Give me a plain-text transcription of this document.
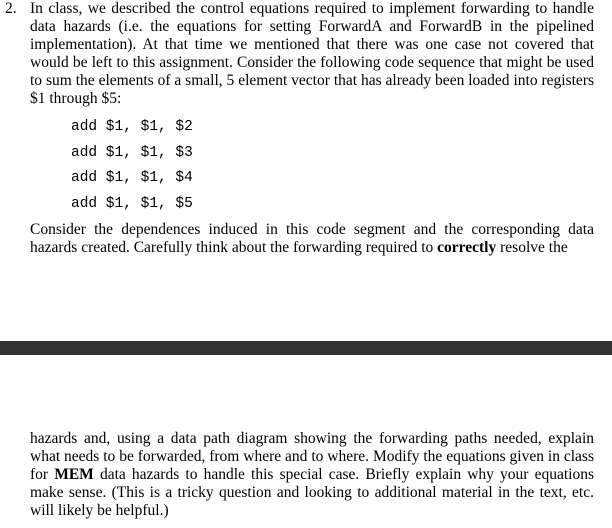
2. In class, we described the control equations required to implement forwarding to handle data hazards (i.e. the equations for setting ForwardA and ForwardB in the pipelined implementation). At that time we mentioned that there was one case not covered that would be left to this assignment. Consider the following code sequence that might be used to sum the elements of a small, 5 element vector that has already been loaded into registers $1 through $5:

add $1, $1, $2
add $1, $1, $3
add $1, $1, $4
add $1, $1, $5

Consider the dependences induced in this code segment and the corresponding data hazards created. Carefully think about the forwarding required to correctly resolve the

hazards and, using a data path diagram showing the forwarding paths needed, explain what needs to be forwarded, from where and to where. Modify the equations given in class for MEM data hazards to handle this special case. Briefly explain why your equations make sense. (This is a tricky question and looking to additional material in the text, etc. will likely be helpful.)
